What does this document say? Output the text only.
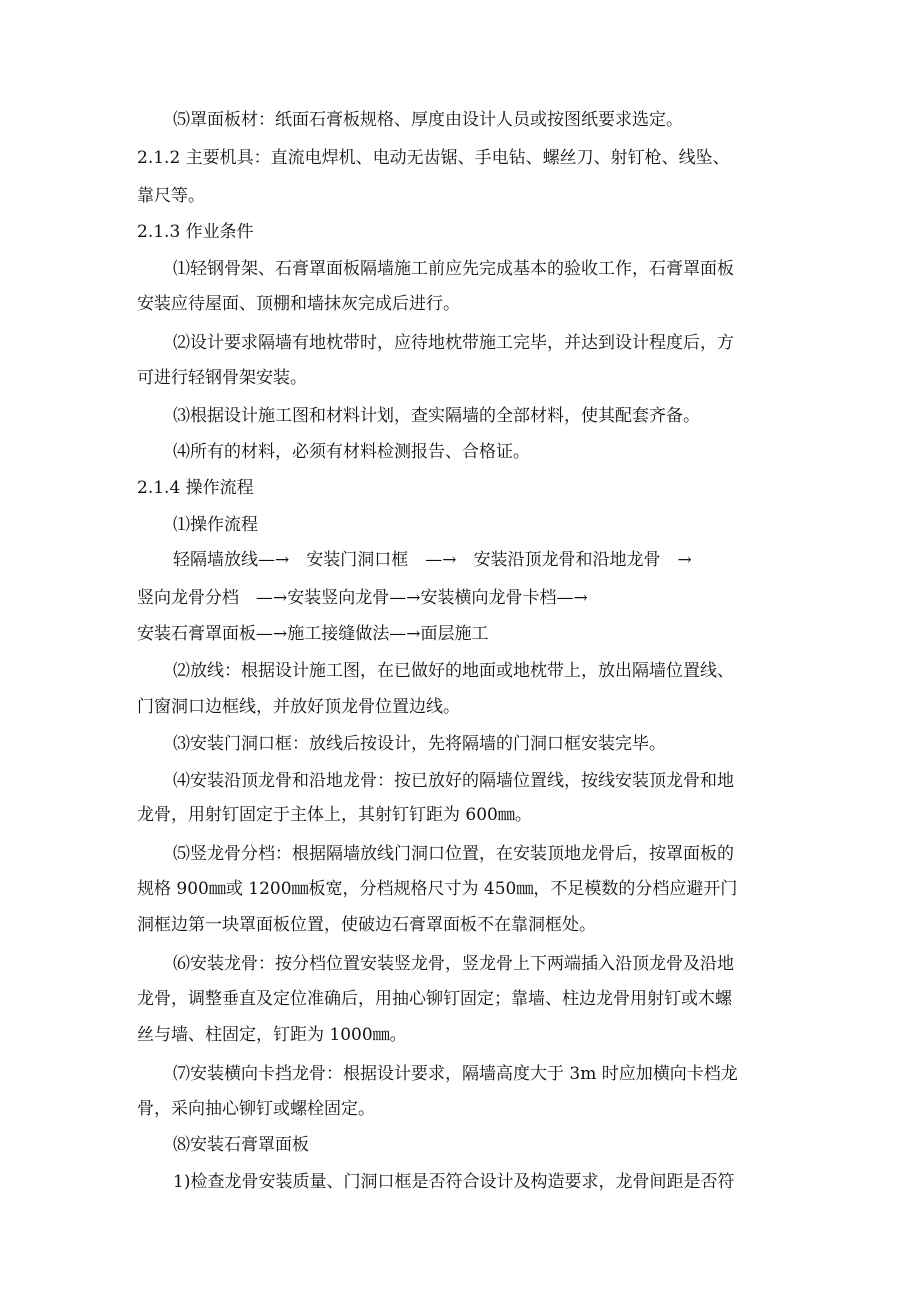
⑸罩面板材：纸面石膏板规格、厚度由设计人员或按图纸要求选定。
2.1.2 主要机具：直流电焊机、电动无齿锯、手电钻、螺丝刀、射钉枪、线坠、
靠尺等。
2.1.3 作业条件
⑴轻钢骨架、石膏罩面板隔墙施工前应先完成基本的验收工作，石膏罩面板
安装应待屋面、顶棚和墙抹灰完成后进行。
⑵设计要求隔墙有地枕带时，应待地枕带施工完毕，并达到设计程度后，方
可进行轻钢骨架安装。
⑶根据设计施工图和材料计划，查实隔墙的全部材料，使其配套齐备。
⑷所有的材料，必须有材料检测报告、合格证。
2.1.4 操作流程
⑴操作流程
轻隔墙放线—→　安装门洞口框　—→　安装沿顶龙骨和沿地龙骨　→
竖向龙骨分档　—→安装竖向龙骨—→安装横向龙骨卡档—→
安装石膏罩面板—→施工接缝做法—→面层施工
⑵放线：根据设计施工图，在已做好的地面或地枕带上，放出隔墙位置线、
门窗洞口边框线，并放好顶龙骨位置边线。
⑶安装门洞口框：放线后按设计，先将隔墙的门洞口框安装完毕。
⑷安装沿顶龙骨和沿地龙骨：按已放好的隔墙位置线，按线安装顶龙骨和地
龙骨，用射钉固定于主体上，其射钉钉距为 600㎜。
⑸竖龙骨分档：根据隔墙放线门洞口位置，在安装顶地龙骨后，按罩面板的
规格 900㎜或 1200㎜板宽，分档规格尺寸为 450㎜，不足模数的分档应避开门
洞框边第一块罩面板位置，使破边石膏罩面板不在靠洞框处。
⑹安装龙骨：按分档位置安装竖龙骨，竖龙骨上下两端插入沿顶龙骨及沿地
龙骨，调整垂直及定位准确后，用抽心铆钉固定；靠墙、柱边龙骨用射钉或木螺
丝与墙、柱固定，钉距为 1000㎜。
⑺安装横向卡挡龙骨：根据设计要求，隔墙高度大于 3m 时应加横向卡档龙
骨，采向抽心铆钉或螺栓固定。
⑻安装石膏罩面板
1)检查龙骨安装质量、门洞口框是否符合设计及构造要求，龙骨间距是否符
